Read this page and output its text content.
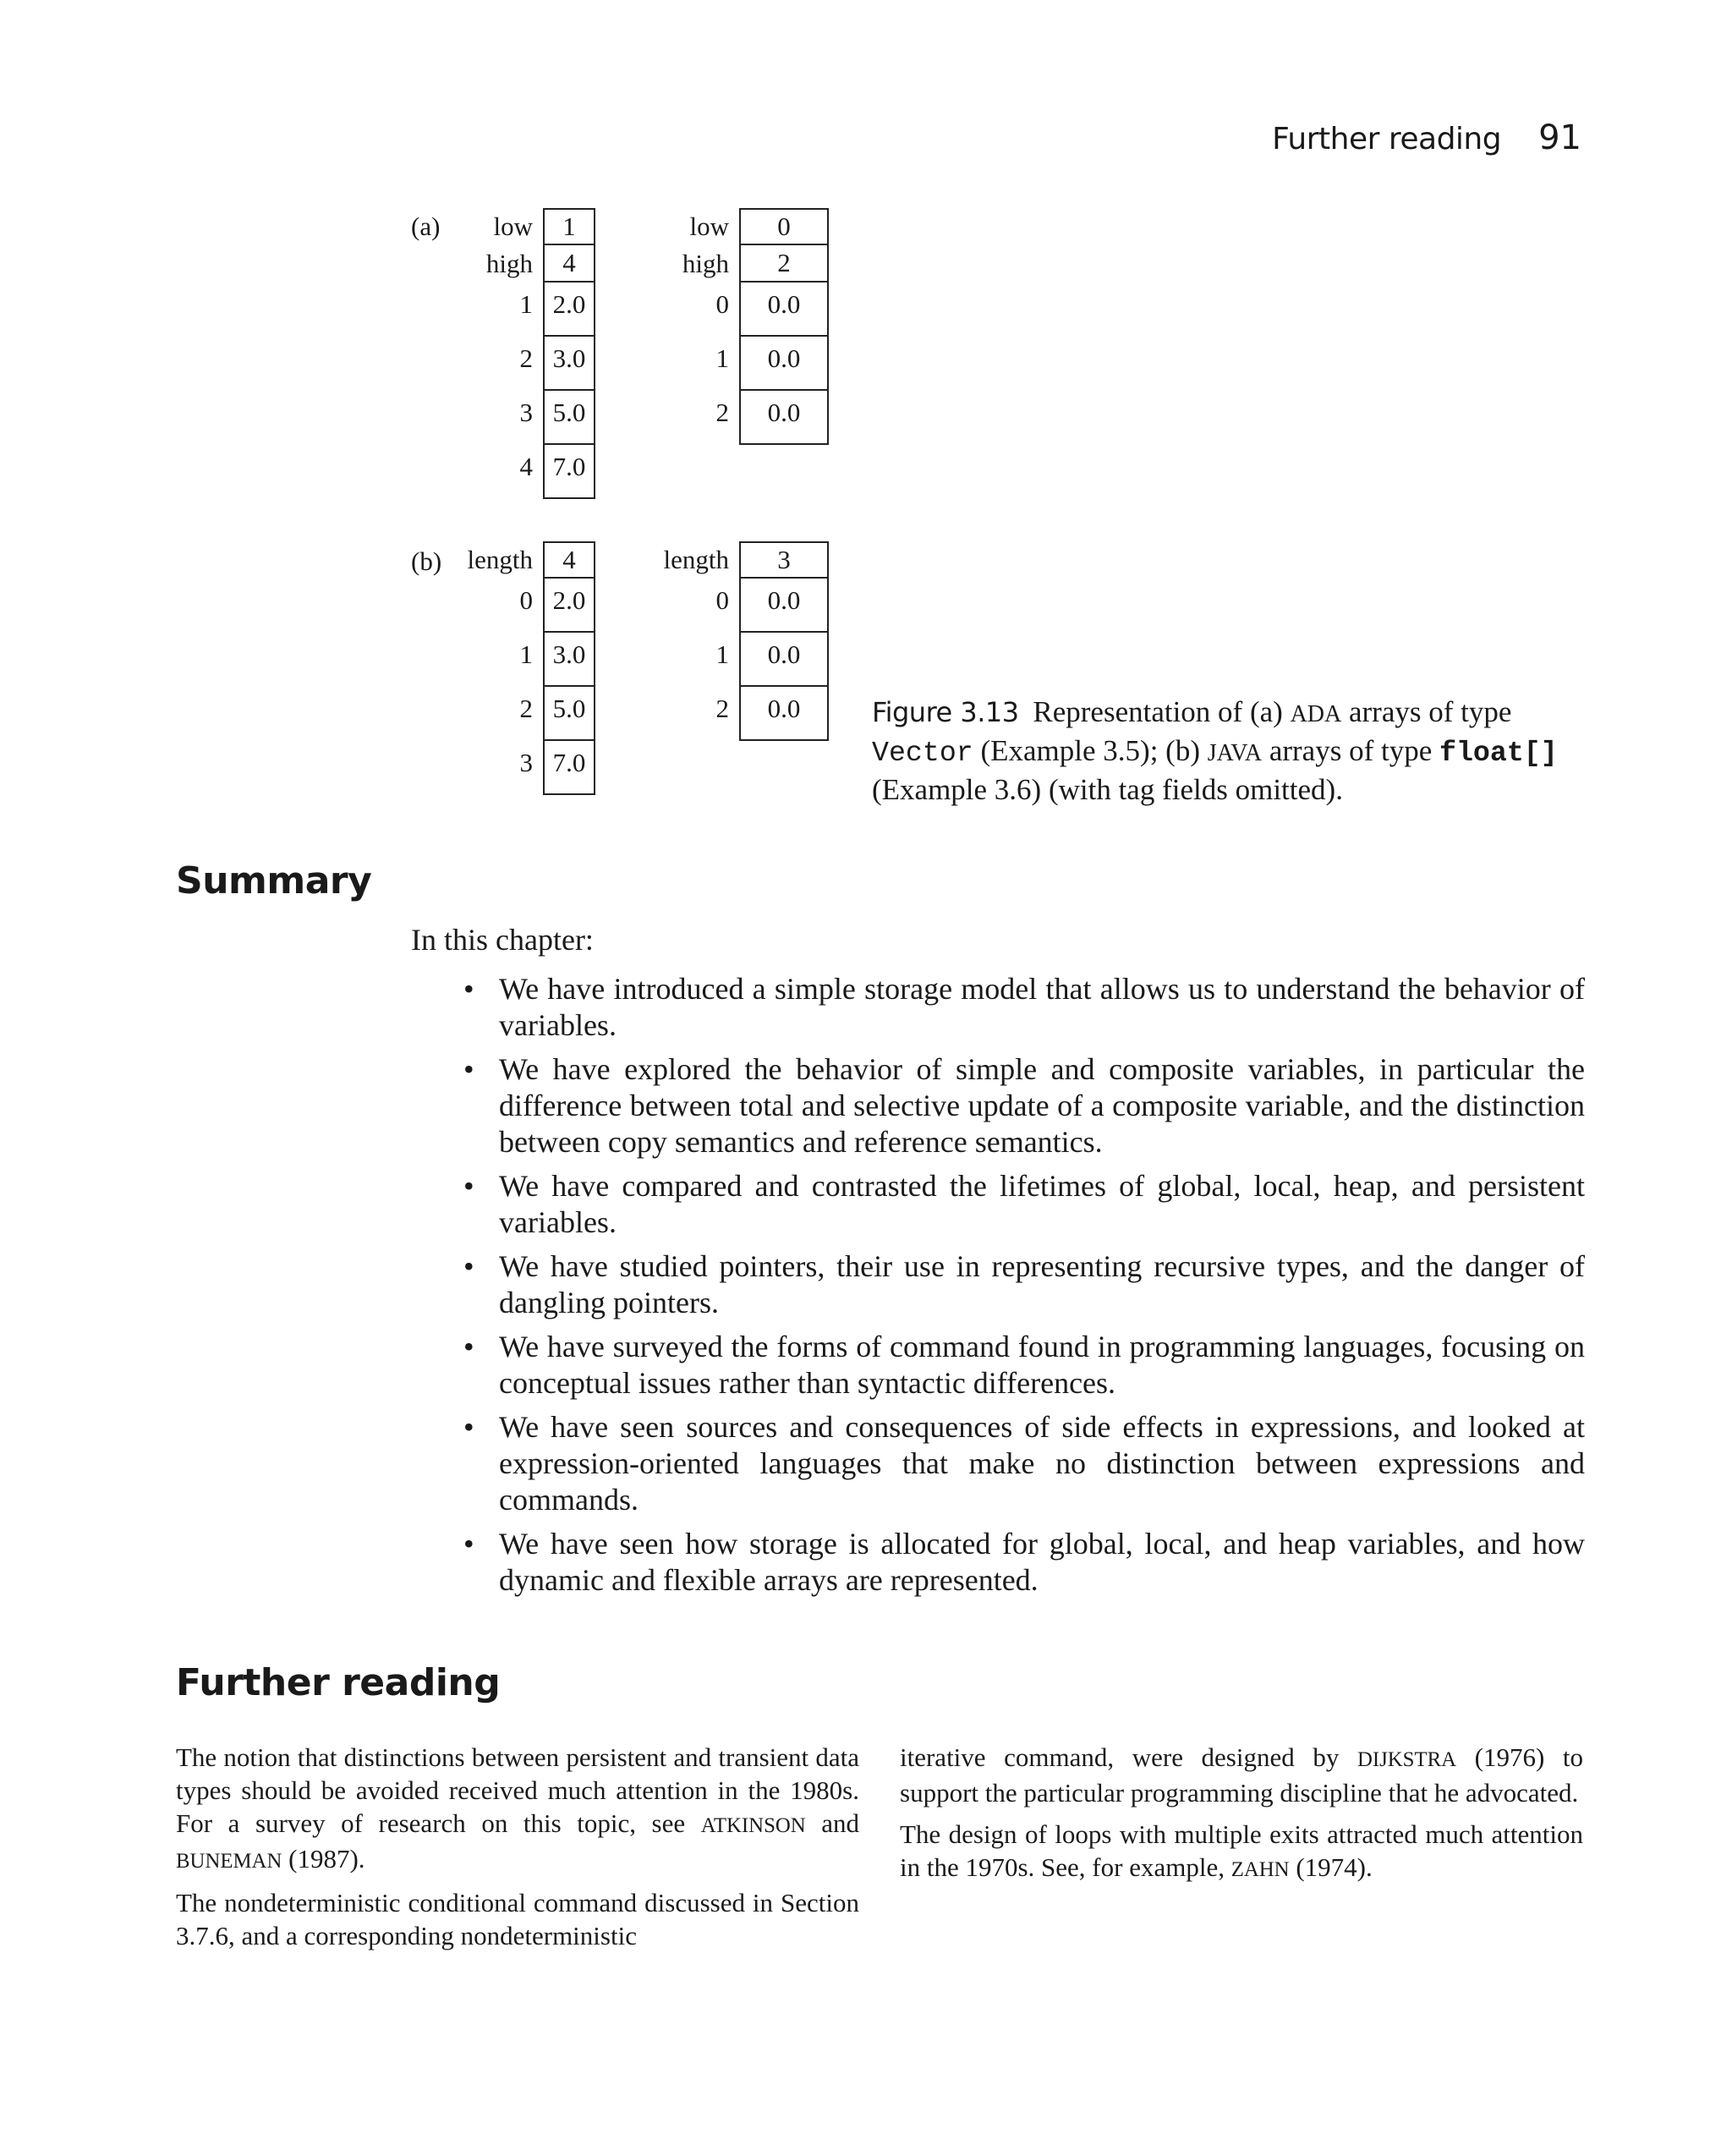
Further reading 91
(a)
(b)
low	1
high	4
1 2.0
2 3.0
3 5.0
4 7.0
low	0
high	2
0	0.0
1	0.0
2	0.0
length	4
0 2.0
1 3.0
2 5.0
3 7.0
length	3
0	0.0
1	0.0
2	0.0	Figure 3.13 Representation of (a) ADA arrays of type Vector (Example 3.5); (b) JAVA arrays of type float[] (Example 3.6) (with tag fields omitted).
Summary
In this chapter:
• We have introduced a simple storage model that allows us to understand the behavior of variables.
• We have explored the behavior of simple and composite variables, in particular the difference between total and selective update of a composite variable, and the distinction between copy semantics and reference semantics.
• We have compared and contrasted the lifetimes of global, local, heap, and persistent variables.
• We have studied pointers, their use in representing recursive types, and the danger of dangling pointers.
• We have surveyed the forms of command found in programming languages, focusing on conceptual issues rather than syntactic differences.
• We have seen sources and consequences of side effects in expressions, and looked at expression-oriented languages that make no distinction between expressions and commands.
• We have seen how storage is allocated for global, local, and heap variables, and how dynamic and flexible arrays are represented.
Further reading

The notion that distinctions between persistent and transient data types should be avoided received much attention in the 1980s. For a survey of research on this topic, see ATKINSON and BUNEMAN (1987).

The nondeterministic conditional command discussed in Section 3.7.6, and a corresponding nondeterministic

iterative command, were designed by DIJKSTRA (1976) to support the particular programming discipline that he advocated.

The design of loops with multiple exits attracted much attention in the 1970s. See, for example, ZAHN (1974).
